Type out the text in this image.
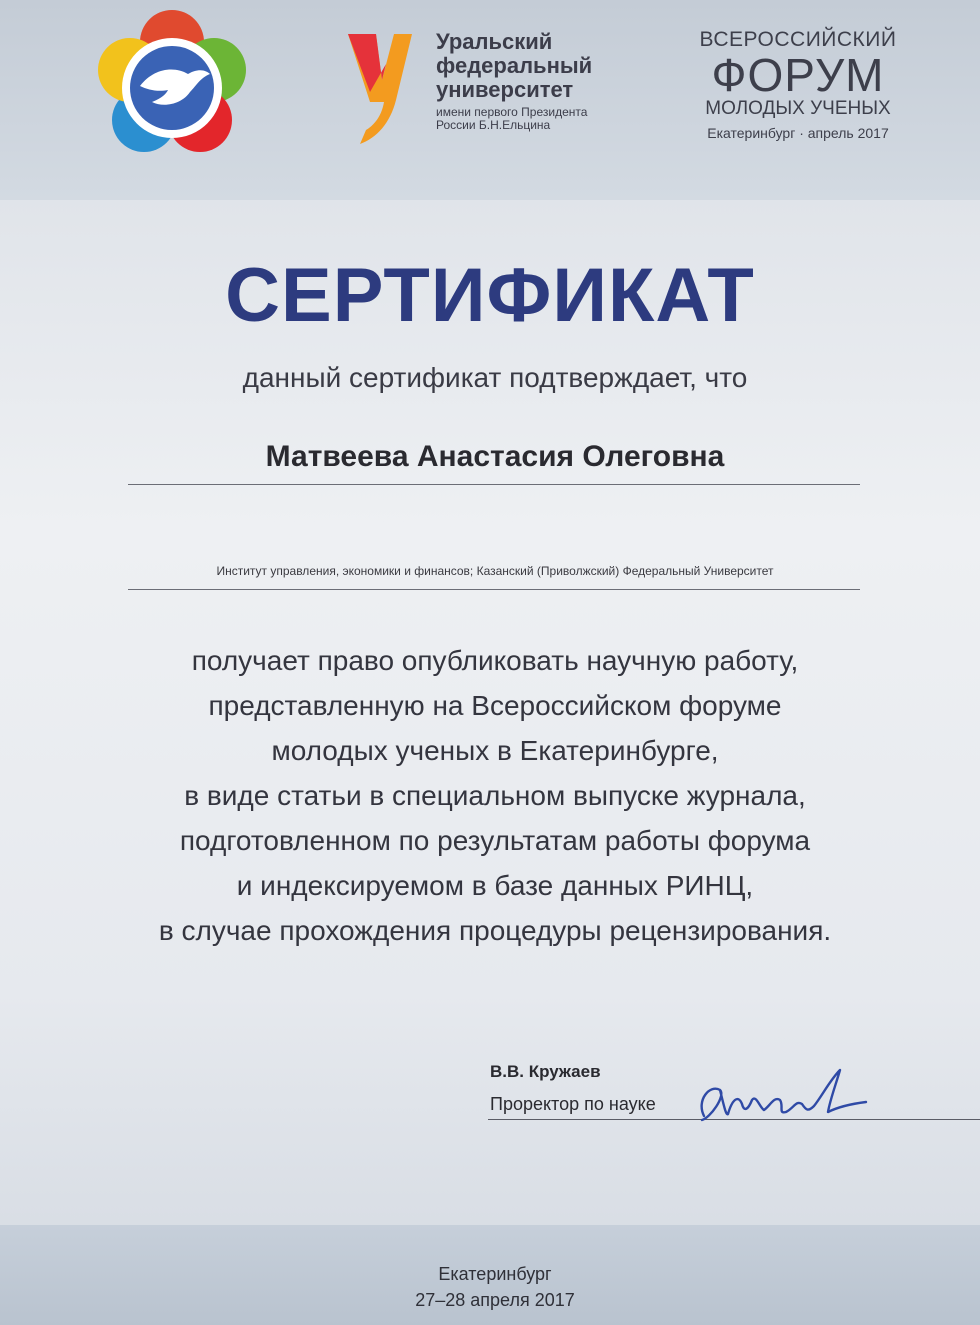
Уральский
федеральный
университет
имени первого Президента
России Б.Н.Ельцина
ВСЕРОССИЙСКИЙ
ФОРУМ
МОЛОДЫХ УЧЕНЫХ
Екатеринбург · апрель 2017
СЕРТИФИКАТ
данный сертификат подтверждает, что
Матвеева Анастасия Олеговна
Институт управления, экономики и финансов; Казанский (Приволжский) Федеральный Университет
получает право опубликовать научную работу,
представленную на Всероссийском форуме
молодых ученых в Екатеринбурге,
в виде статьи в специальном выпуске журнала,
подготовленном по результатам работы форума
и индексируемом в базе данных РИНЦ,
в случае прохождения процедуры рецензирования.
В.В. Кружаев
Проректор по науке
Екатеринбург
27–28 апреля 2017
